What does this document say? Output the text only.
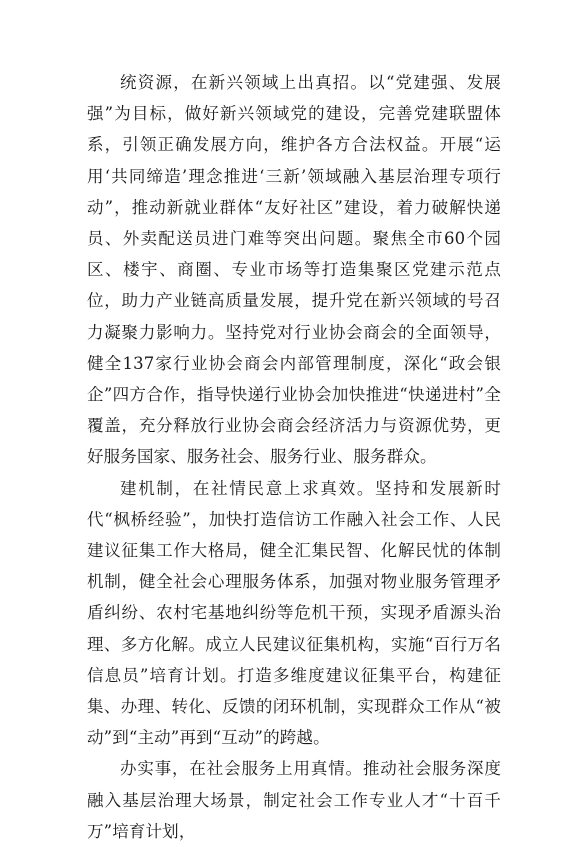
统资源，在新兴领域上出真招。以“党建强、发展强”为目标，做好新兴领域党的建设，完善党建联盟体系，引领正确发展方向，维护各方合法权益。开展“运用‘共同缔造’理念推进‘三新’领域融入基层治理专项行动”，推动新就业群体“友好社区”建设，着力破解快递员、外卖配送员进门难等突出问题。聚焦全市60个园区、楼宇、商圈、专业市场等打造集聚区党建示范点位，助力产业链高质量发展，提升党在新兴领域的号召力凝聚力影响力。坚持党对行业协会商会的全面领导，健全137家行业协会商会内部管理制度，深化“政会银企”四方合作，指导快递行业协会加快推进“快递进村”全覆盖，充分释放行业协会商会经济活力与资源优势，更好服务国家、服务社会、服务行业、服务群众。

建机制，在社情民意上求真效。坚持和发展新时代“枫桥经验”，加快打造信访工作融入社会工作、人民建议征集工作大格局，健全汇集民智、化解民忧的体制机制，健全社会心理服务体系，加强对物业服务管理矛盾纠纷、农村宅基地纠纷等危机干预，实现矛盾源头治理、多方化解。成立人民建议征集机构，实施“百行万名信息员”培育计划。打造多维度建议征集平台，构建征集、办理、转化、反馈的闭环机制，实现群众工作从“被动”到“主动”再到“互动”的跨越。

办实事，在社会服务上用真情。推动社会服务深度融入基层治理大场景，制定社会工作专业人才“十百千万”培育计划，
